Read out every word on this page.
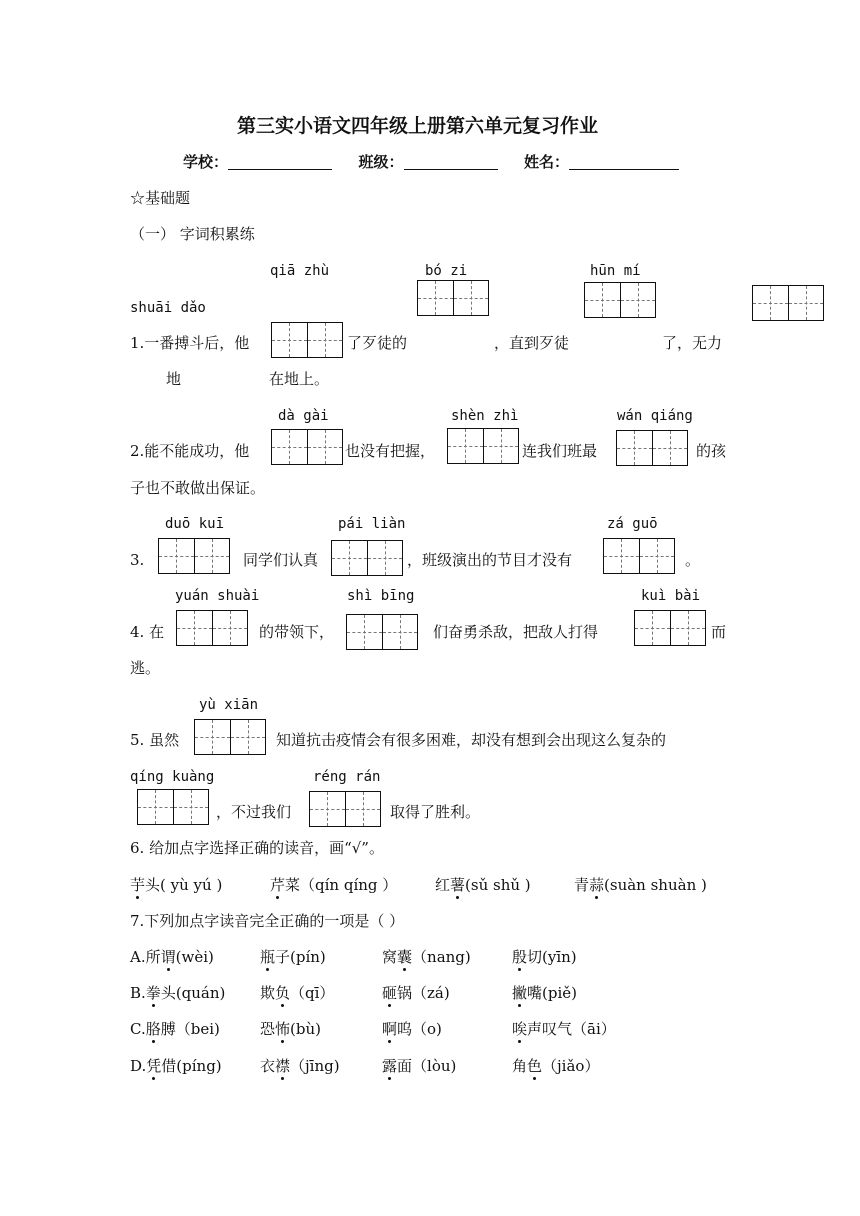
第三实小语文四年级上册第六单元复习作业
学校：	班级：	姓名：
☆基础题
（一） 字词积累练
qiā zhù	bó zi	hūn mí
shuāi dǎo
1.一番搏斗后，他	了歹徒的	，直到歹徒	了，无力
地	在地上。
dà gài	shèn zhì	wán qiáng
2.能不能成功，他	也没有把握，	连我们班最	的孩
子也不敢做出保证。
duō kuī	pái liàn	zá guō
3.	同学们认真	，班级演出的节目才没有	。
yuán shuài	shì bīng	kuì bài
4. 在	的带领下，	们奋勇杀敌，把敌人打得	而
逃。
yù xiān
5. 虽然	知道抗击疫情会有很多困难，却没有想到会出现这么复杂的
qíng kuàng	réng rán
，不过我们	取得了胜利。
6. 给加点字选择正确的读音，画“√”。
芋头( yù yú )	芹菜（qín qíng ）	红薯(sǔ shǔ )	青蒜(suàn shuàn )
7.下列加点字读音完全正确的一项是（ ）
A.所谓(wèi)	瓶子(pín)	窝囊（nang)	殷切(yīn)
B.拳头(quán) 欺负（qī）	砸锅（zá)	撇嘴(piě)
C.胳膊（bei)	恐怖(bù)	啊呜（o)	唉声叹气（āi）
D.凭借(píng)	衣襟（jīng)	露面（lòu)	角色（jiǎo）
